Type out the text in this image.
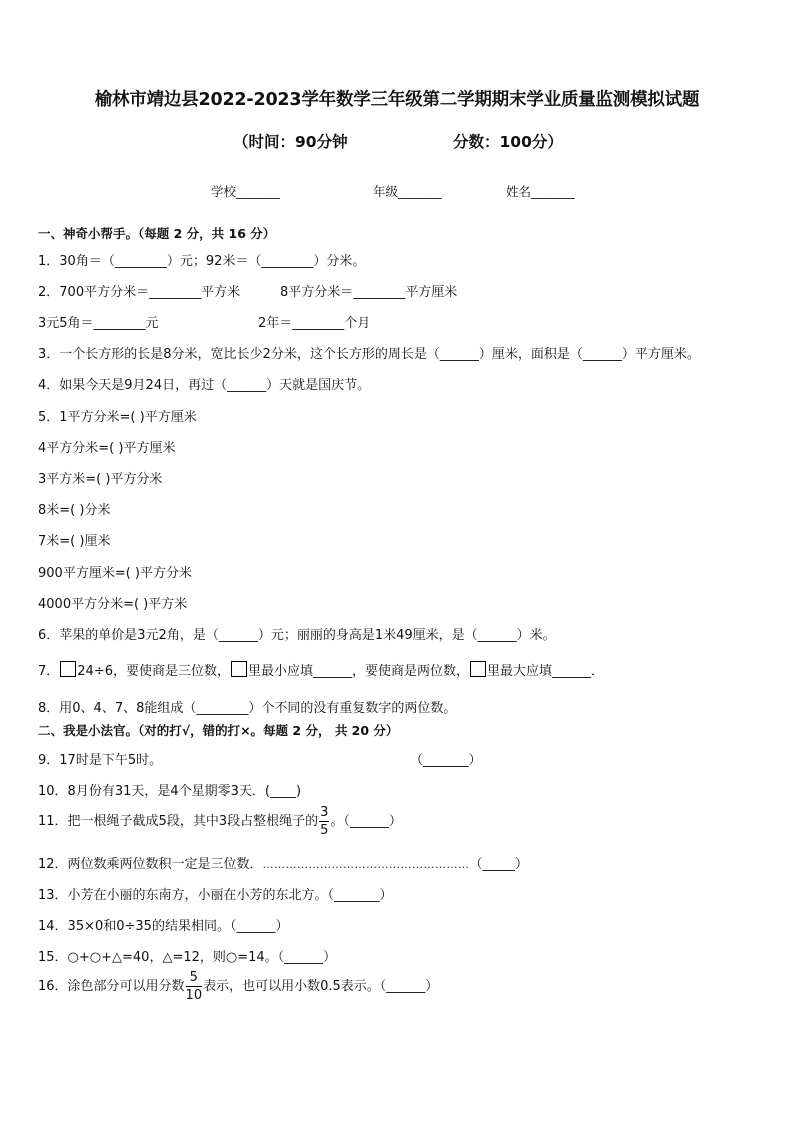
榆林市靖边县2022-2023学年数学三年级第二学期期末学业质量监测模拟试题
（时间：90分钟	分数：100分）
学校_______	年级_______	姓名_______
一、神奇小帮手。（每题 2 分，共 16 分）
1．30角＝（________）元；92米＝（________）分米。
2．700平方分米＝________平方米	8平方分米＝________平方厘米
3元5角＝________元	2年＝________个月
3．一个长方形的长是8分米，宽比长少2分米，这个长方形的周长是（______）厘米，面积是（______）平方厘米。
4．如果今天是9月24日，再过（______）天就是国庆节。
5．1平方分米=( )平方厘米
4平方分米=( )平方厘米
3平方米=( )平方分米
8米=( )分米
7米=( )厘米
900平方厘米=( )平方分米
4000平方分米=( )平方米
6．苹果的单价是3元2角，是（______）元；丽丽的身高是1米49厘米，是（______）米。
7． 24÷6，要使商是三位数， 里最小应填______，要使商是两位数， 里最大应填______．
8．用0、4、7、8能组成（________）个不同的没有重复数字的两位数。
二、我是小法官。（对的打√，错的打×。每题 2 分， 共 20 分）
9．17时是下午5时。	（_______）
10．8月份有31天，是4个星期零3天．(____)
11．把一根绳子截成5段，其中3段占整根绳子的 $\frac{3}{5}$ 。（______）
12．两位数乘两位数积一定是三位数．………………………………………………（_____）
13．小芳在小丽的东南方，小丽在小芳的东北方。（_______）
14．35×0和0÷35的结果相同。（______）
15．○+○+△=40，△=12，则○=14。（______）
16．涂色部分可以用分数 $\frac{5}{10}$ 表示，也可以用小数0.5表示。（______）
